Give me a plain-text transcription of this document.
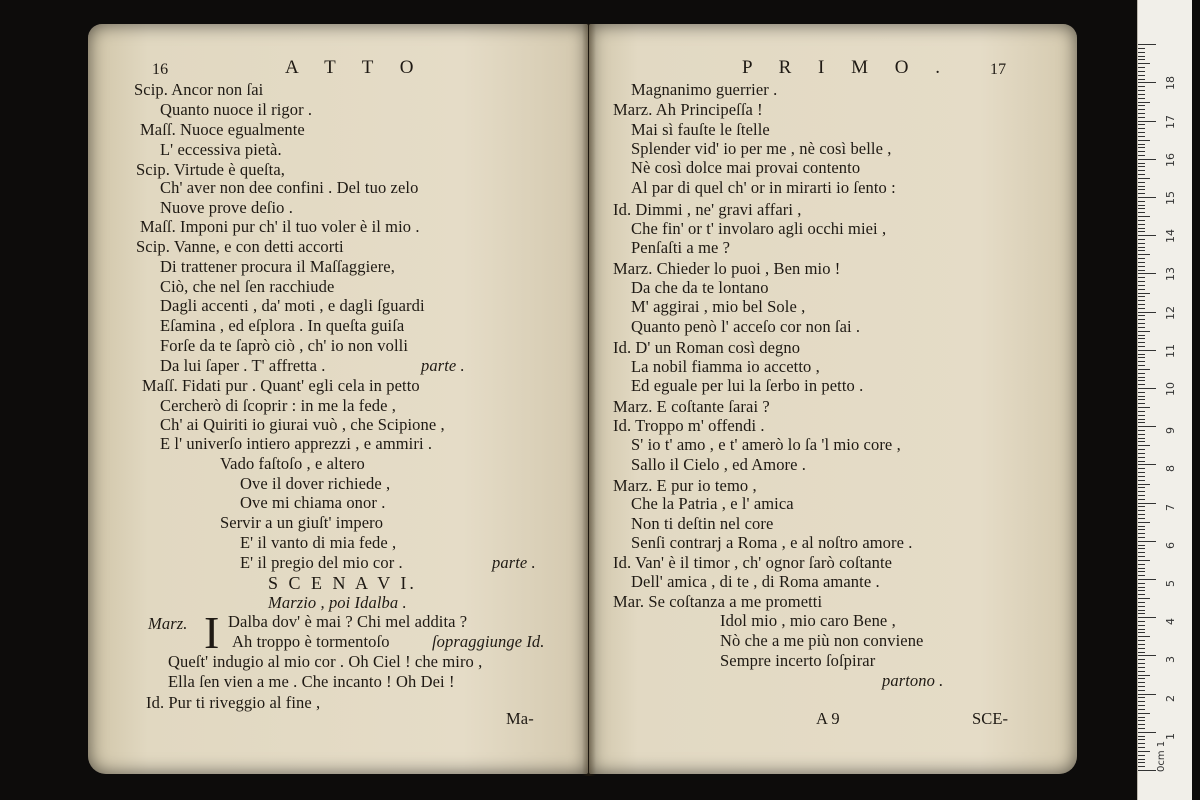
16	A T T O
Scip. Ancor non ſai
Quanto nuoce il rigor .
Maſſ. Nuoce egualmente
L' eccessiva pietà.
Scip. Virtude è queſta,
Ch' aver non dee confini . Del tuo zelo
Nuove prove deſio .
Maſſ. Imponi pur ch' il tuo voler è il mio .
Scip. Vanne, e con detti accorti
Di trattener procura il Maſſaggiere,
Ciò, che nel ſen racchiude
Dagli accenti , da' moti , e dagli ſguardi
Eſamina , ed eſplora . In queſta guiſa
Forſe da te ſaprò ciò , ch' io non volli
Da lui ſaper . T' affretta .	parte .
Maſſ. Fidati pur . Quant' egli cela in petto
Cercherò di ſcoprir : in me la fede ,
Ch' ai Quiriti io giurai vuò , che Scipione ,
E l' univerſo intiero apprezzi , e ammiri .
Vado faſtoſo , e altero
Ove il dover richiede ,
Ove mi chiama onor .
Servir a un giuſt' impero
E' il vanto di mia fede ,
E' il pregio del mio cor .	parte .
S C E N A V I.
Marzio , poi Idalba .
Marz. I Dalba dov' è mai ? Chi mel addita ?
Ah troppo è tormentoſo	ſopraggiunge Id.
Queſt' indugio al mio cor . Oh Ciel ! che miro ,
Ella ſen vien a me . Che incanto ! Oh Dei !
Id. Pur ti riveggio al fine ,
Ma-
P R I M O . 17
Magnanimo guerrier .
Marz. Ah Principeſſa !
Mai sì fauſte le ſtelle
Splender vid' io per me , nè così belle ,
Nè così dolce mai provai contento
Al par di quel ch' or in mirarti io ſento :
Id. Dimmi , ne' gravi affari ,
Che fin' or t' involaro agli occhi miei ,
Penſaſti a me ?
Marz. Chieder lo puoi , Ben mio !
Da che da te lontano
M' aggirai , mio bel Sole ,
Quanto penò l' acceſo cor non ſai .
Id. D' un Roman così degno
La nobil fiamma io accetto ,
Ed eguale per lui la ſerbo in petto .
Marz. E coſtante ſarai ?
Id. Troppo m' offendi .
S' io t' amo , e t' amerò lo ſa 'l mio core ,
Sallo il Cielo , ed Amore .
Marz. E pur io temo ,
Che la Patria , e l' amica
Non ti deſtin nel core
Senſi contrarj a Roma , e al noſtro amore .
Id. Van' è il timor , ch' ognor ſarò coſtante
Dell' amica , di te , di Roma amante .
Mar. Se coſtanza a me prometti
Idol mio , mio caro Bene ,
Nò che a me più non conviene
Sempre incerto ſoſpirar
partono .
A 9	SCE-
0cm 1
1
2
3
4
5
6
7
8
9
10
11
12
13
14
15
16
17
18
